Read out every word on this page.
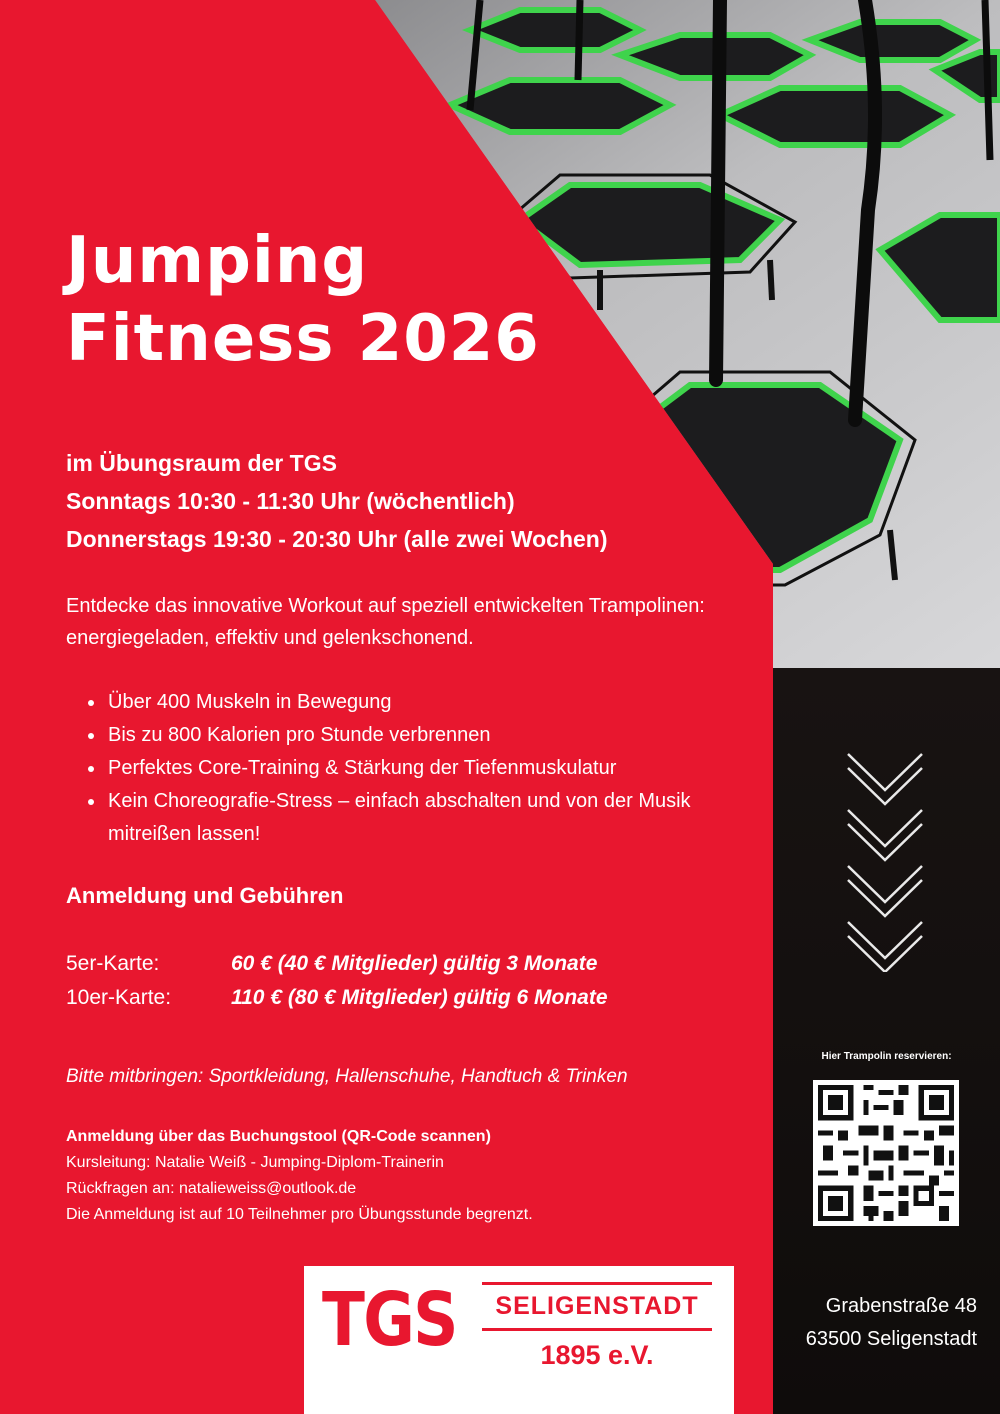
Jumping
Fitness 2026
im Übungsraum der TGS
Sonntags 10:30 - 11:30 Uhr (wöchentlich)
Donnerstags 19:30 - 20:30 Uhr (alle zwei Wochen)
Entdecke das innovative Workout auf speziell entwickelten Trampolinen: energiegeladen, effektiv und gelenkschonend.
• Über 400 Muskeln in Bewegung
• Bis zu 800 Kalorien pro Stunde verbrennen
• Perfektes Core-Training & Stärkung der Tiefenmuskulatur
• Kein Choreografie-Stress – einfach abschalten und von der Musik mitreißen lassen!
Anmeldung und Gebühren
5er-Karte:	60 € (40 € Mitglieder) gültig 3 Monate
10er-Karte:	110 € (80 € Mitglieder) gültig 6 Monate
Bitte mitbringen: Sportkleidung, Hallenschuhe, Handtuch & Trinken
Anmeldung über das Buchungstool (QR-Code scannen)
Kursleitung: Natalie Weiß - Jumping-Diplom-Trainerin
Rückfragen an: natalieweiss@outlook.de
Die Anmeldung ist auf 10 Teilnehmer pro Übungsstunde begrenzt.
Hier Trampolin reservieren:
TGS	SELIGENSTADT
1895 e.V.
Grabenstraße 48
63500 Seligenstadt
